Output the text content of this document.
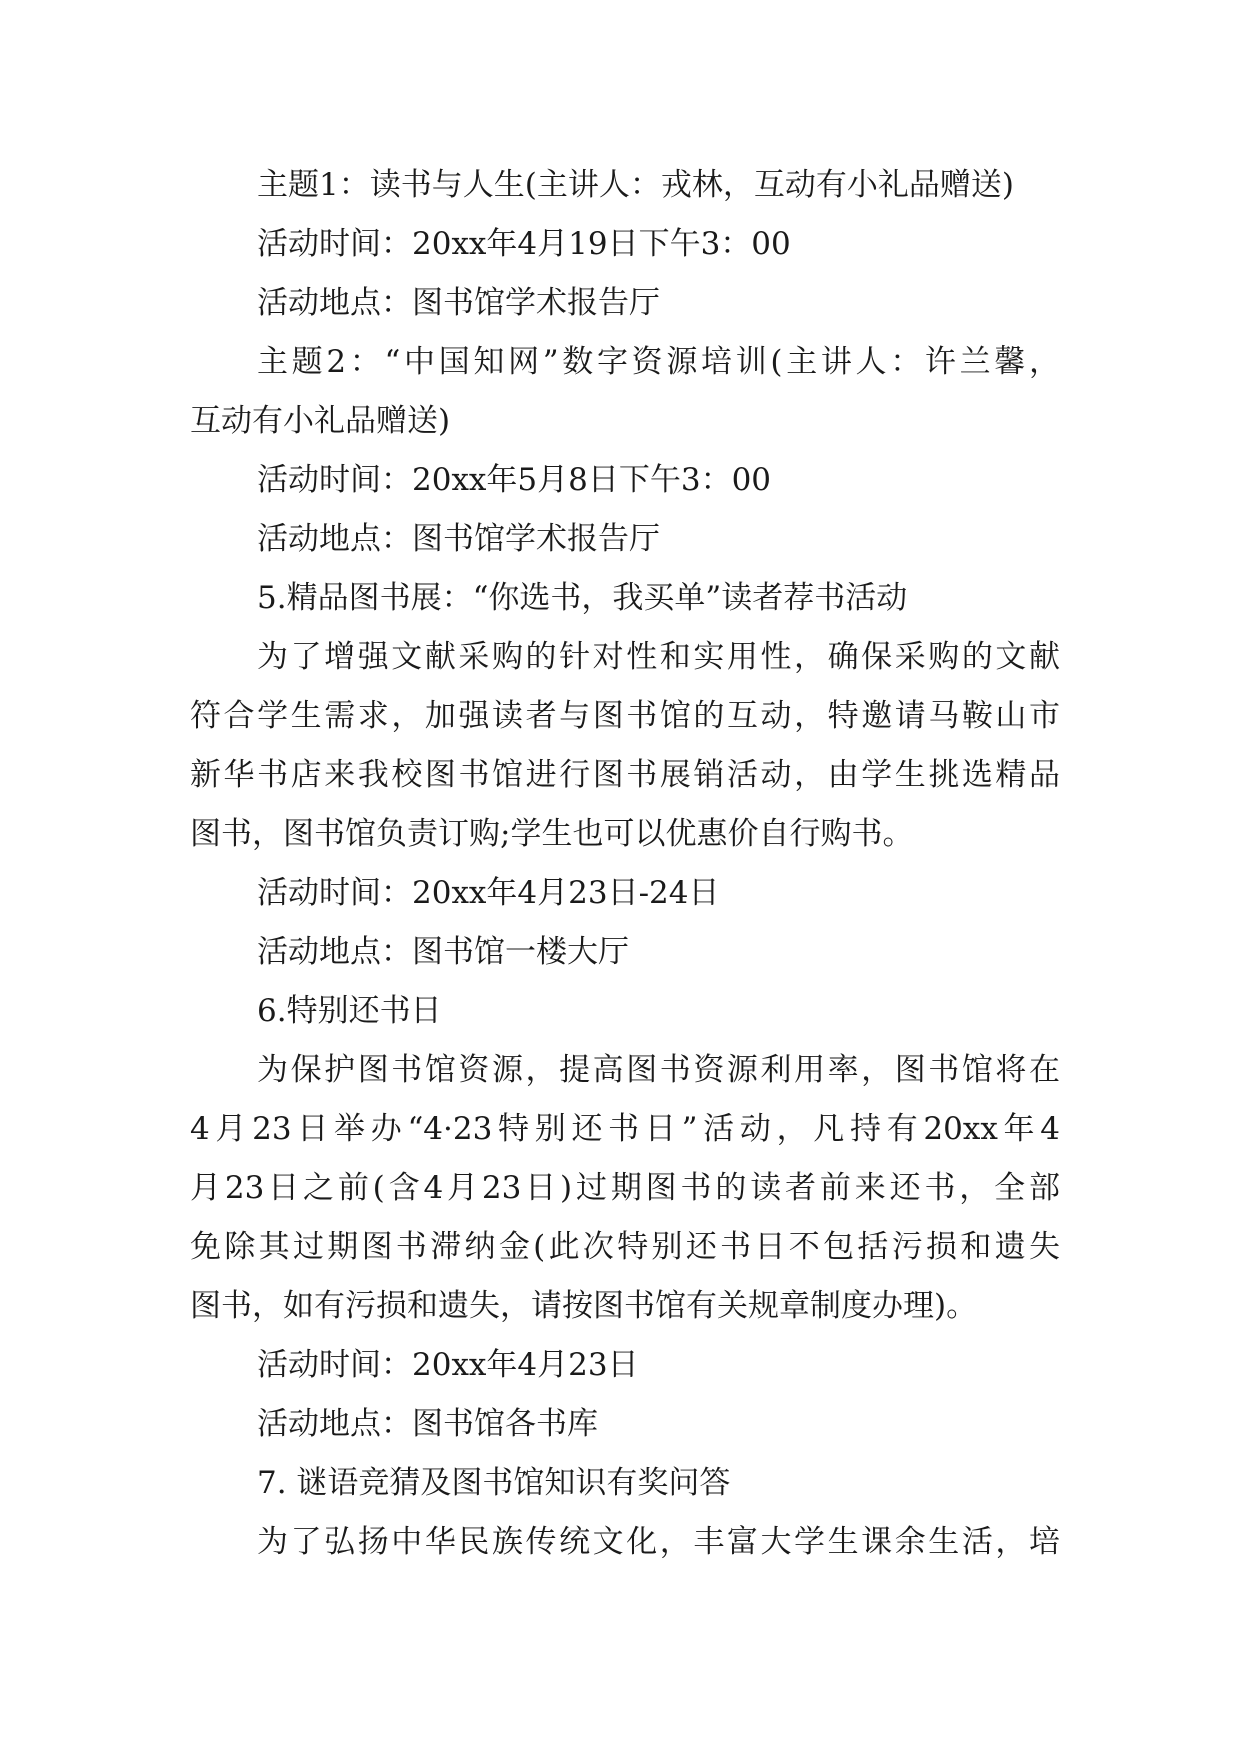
主题1：读书与人生(主讲人：戎林，互动有小礼品赠送)
活动时间：20xx年4月19日下午3：00
活动地点：图书馆学术报告厅
主题2：“中国知网”数字资源培训(主讲人：许兰馨，
互动有小礼品赠送)
活动时间：20xx年5月8日下午3：00
活动地点：图书馆学术报告厅
5.精品图书展：“你选书，我买单”读者荐书活动
为了增强文献采购的针对性和实用性，确保采购的文献
符合学生需求，加强读者与图书馆的互动，特邀请马鞍山市
新华书店来我校图书馆进行图书展销活动，由学生挑选精品
图书，图书馆负责订购;学生也可以优惠价自行购书。
活动时间：20xx年4月23日-24日
活动地点：图书馆一楼大厅
6.特别还书日
为保护图书馆资源，提高图书资源利用率，图书馆将在
4月23日举办“4·23特别还书日”活动，凡持有20xx年4
月23日之前(含4月23日)过期图书的读者前来还书，全部
免除其过期图书滞纳金(此次特别还书日不包括污损和遗失
图书，如有污损和遗失，请按图书馆有关规章制度办理)。
活动时间：20xx年4月23日
活动地点：图书馆各书库
7. 谜语竞猜及图书馆知识有奖问答
为了弘扬中华民族传统文化，丰富大学生课余生活，培
